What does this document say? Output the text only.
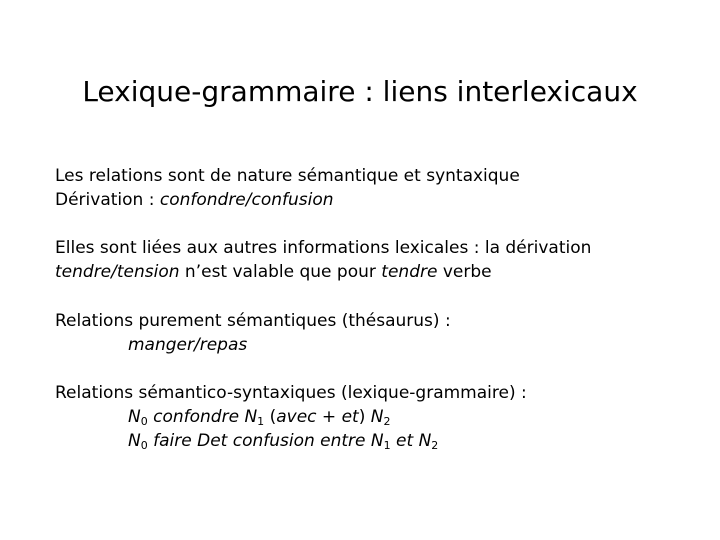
Lexique-grammaire : liens interlexicaux
Les relations sont de nature sémantique et syntaxique
Dérivation : confondre/confusion
Elles sont liées aux autres informations lexicales : la dérivation
tendre/tension n’est valable que pour tendre verbe
Relations purement sémantiques (thésaurus) :
manger/repas
Relations sémantico-syntaxiques (lexique-grammaire) :
$N_0$ confondre $N_1$ (avec + et) $N_2$
$N_0$ faire Det confusion entre $N_1$ et $N_2$
